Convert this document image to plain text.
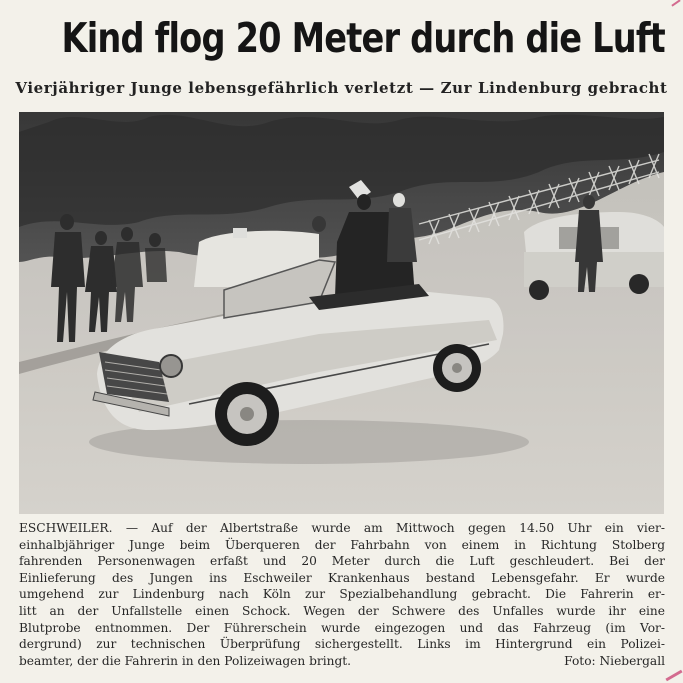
Kind flog 20 Meter durch die Luft
Vierjähriger Junge lebensgefährlich verletzt — Zur Lindenburg gebracht
ESCHWEILER. — Auf der Albertstraße wurde am Mittwoch gegen 14.50 Uhr ein vier-
einhalbjähriger Junge beim Überqueren der Fahrbahn von einem in Richtung Stolberg
fahrenden Personenwagen erfaßt und 20 Meter durch die Luft geschleudert. Bei der
Einlieferung des Jungen ins Eschweiler Krankenhaus bestand Lebensgefahr. Er wurde
umgehend zur Lindenburg nach Köln zur Spezialbehandlung gebracht. Die Fahrerin er-
litt an der Unfallstelle einen Schock. Wegen der Schwere des Unfalles wurde ihr eine
Blutprobe entnommen. Der Führerschein wurde eingezogen und das Fahrzeug (im Vor-
dergrund) zur technischen Überprüfung sichergestellt. Links im Hintergrund ein Polizei-
beamter, der die Fahrerin in den Polizeiwagen bringt.	Foto: Niebergall
